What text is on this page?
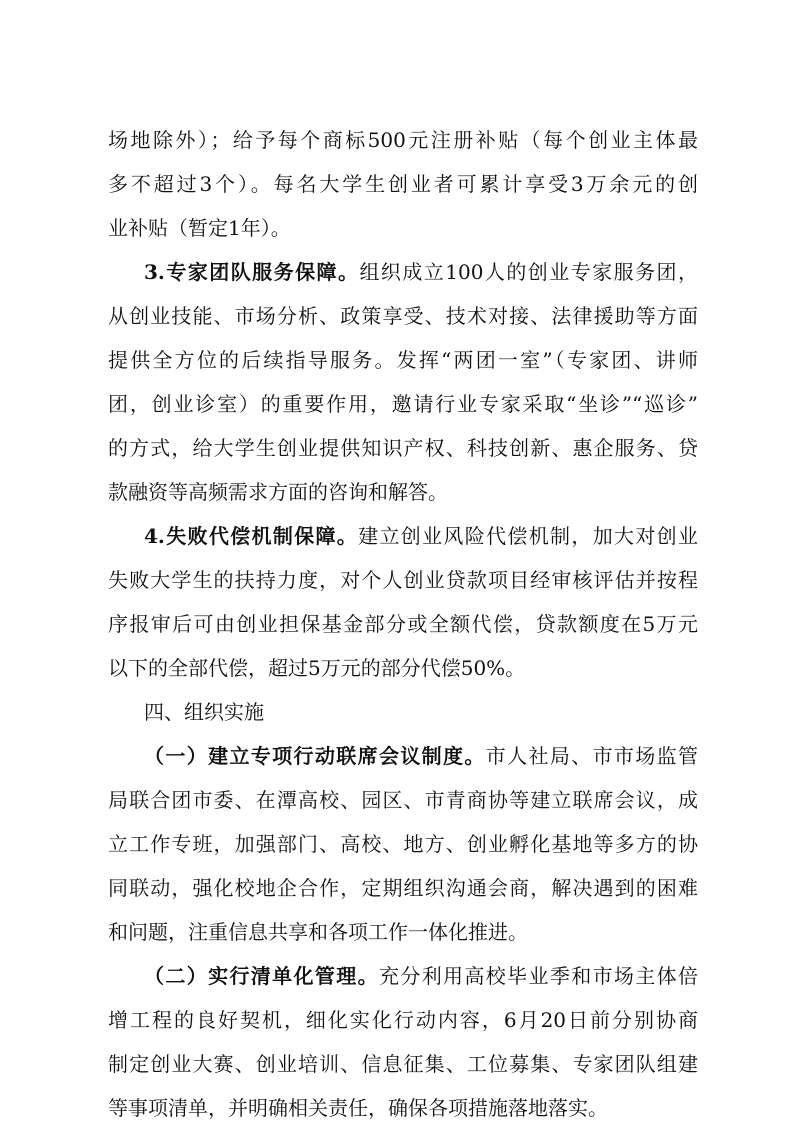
场地除外）；给予每个商标500元注册补贴（每个创业主体最
多不超过3个）。每名大学生创业者可累计享受3万余元的创
业补贴（暂定1年）。
3.专家团队服务保障。组织成立100人的创业专家服务团，
从创业技能、市场分析、政策享受、技术对接、法律援助等方面
提供全方位的后续指导服务。发挥“两团一室”（专家团、讲师
团，创业诊室）的重要作用，邀请行业专家采取“坐诊”“巡诊”
的方式，给大学生创业提供知识产权、科技创新、惠企服务、贷
款融资等高频需求方面的咨询和解答。
4.失败代偿机制保障。建立创业风险代偿机制，加大对创业
失败大学生的扶持力度，对个人创业贷款项目经审核评估并按程
序报审后可由创业担保基金部分或全额代偿，贷款额度在5万元
以下的全部代偿，超过5万元的部分代偿50%。
四、组织实施
（一）建立专项行动联席会议制度。市人社局、市市场监管
局联合团市委、在潭高校、园区、市青商协等建立联席会议，成
立工作专班，加强部门、高校、地方、创业孵化基地等多方的协
同联动，强化校地企合作，定期组织沟通会商，解决遇到的困难
和问题，注重信息共享和各项工作一体化推进。
（二）实行清单化管理。充分利用高校毕业季和市场主体倍
增工程的良好契机，细化实化行动内容，6月20日前分别协商
制定创业大赛、创业培训、信息征集、工位募集、专家团队组建
等事项清单，并明确相关责任，确保各项措施落地落实。
